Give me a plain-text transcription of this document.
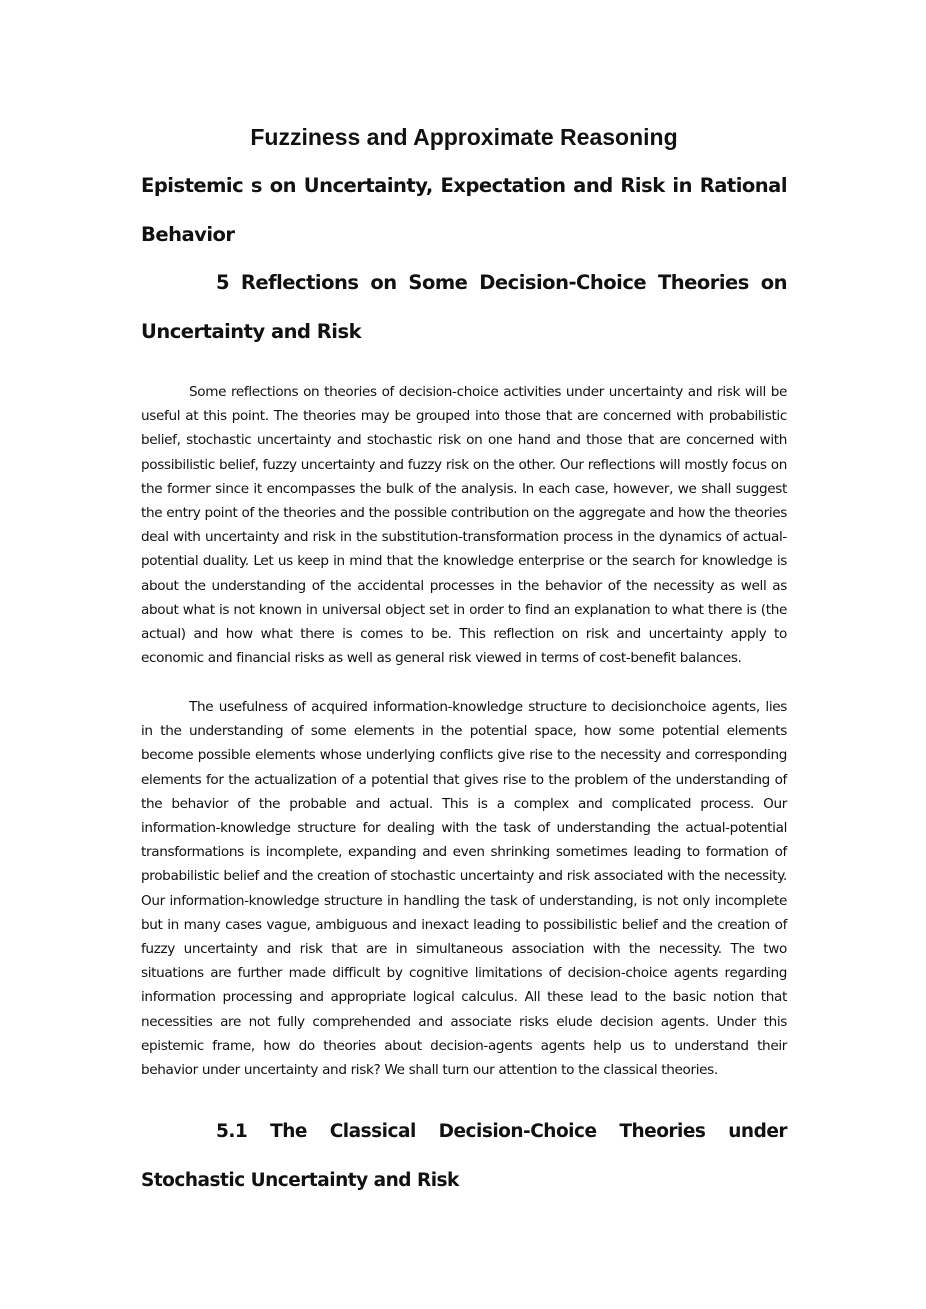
Fuzziness and Approximate Reasoning
Epistemic s on Uncertainty, Expectation and Risk in Rational Behavior
5 Reflections on Some Decision-Choice Theories on Uncertainty and Risk

Some reflections on theories of decision-choice activities under uncertainty and risk will be useful at this point. The theories may be grouped into those that are concerned with probabilistic belief, stochastic uncertainty and stochastic risk on one hand and those that are concerned with possibilistic belief, fuzzy uncertainty and fuzzy risk on the other. Our reflections will mostly focus on the former since it encompasses the bulk of the analysis. In each case, however, we shall suggest the entry point of the theories and the possible contribution on the aggregate and how the theories deal with uncertainty and risk in the substitution-transformation process in the dynamics of actual-potential duality. Let us keep in mind that the knowledge enterprise or the search for knowledge is about the understanding of the accidental processes in the behavior of the necessity as well as about what is not known in universal object set in order to find an explanation to what there is (the actual) and how what there is comes to be. This reflection on risk and uncertainty apply to economic and financial risks as well as general risk viewed in terms of cost-benefit balances.

The usefulness of acquired information-knowledge structure to decisionchoice agents, lies in the understanding of some elements in the potential space, how some potential elements become possible elements whose underlying conflicts give rise to the necessity and corresponding elements for the actualization of a potential that gives rise to the problem of the understanding of the behavior of the probable and actual. This is a complex and complicated process. Our information-knowledge structure for dealing with the task of understanding the actual-potential transformations is incomplete, expanding and even shrinking sometimes leading to formation of probabilistic belief and the creation of stochastic uncertainty and risk associated with the necessity. Our information-knowledge structure in handling the task of understanding, is not only incomplete but in many cases vague, ambiguous and inexact leading to possibilistic belief and the creation of fuzzy uncertainty and risk that are in simultaneous association with the necessity. The two situations are further made difficult by cognitive limitations of decision-choice agents regarding information processing and appropriate logical calculus. All these lead to the basic notion that necessities are not fully comprehended and associate risks elude decision agents. Under this epistemic frame, how do theories about decision-agents agents help us to understand their behavior under uncertainty and risk? We shall turn our attention to the classical theories.

5.1 The Classical Decision-Choice Theories under Stochastic Uncertainty and Risk
